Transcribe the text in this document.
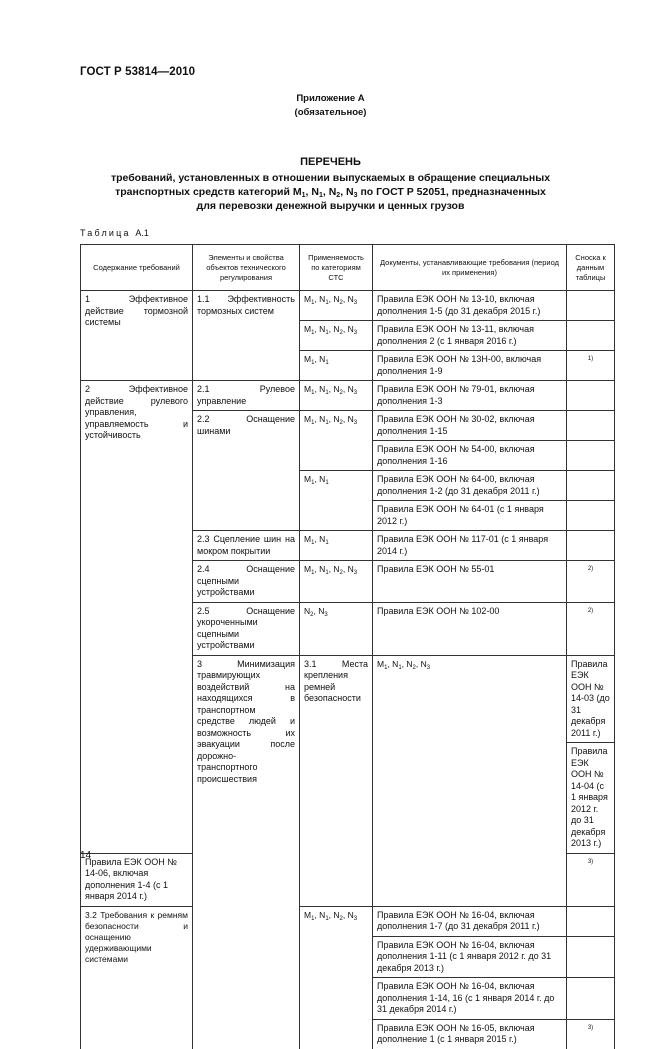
ГОСТ Р 53814—2010
Приложение А
(обязательное)
ПЕРЕЧЕНЬ
требований, установленных в отношении выпускаемых в обращение специальных
транспортных средств категорий $M_1$, $N_1$, $N_2$, $N_3$ по ГОСТ Р 52051, предназначенных
для перевозки денежной выручки и ценных грузов
Таблица А.1
Содержание требований	Элементы и свойства объектов технического регулирования	Применяемость по категориям СТС	Документы, устанавливающие требования (период их применения)	Сноска к данным таблицы	
1 Эффективное действие тормозной системы	1.1 Эффективность тормозных систем	$M_1$, $N_1$, $N_2$, $N_3$	Правила ЕЭК ООН № 13-10, включая дополнения 1-5 (до 31 декабря 2015 г.)		
		$M_1$, $N_1$, $N_2$, $N_3$	Правила ЕЭК ООН № 13-11, включая дополнения 2 (с 1 января 2016 г.)		
		$M_1$, $N_1$	Правила ЕЭК ООН № 13Н-00, включая дополнения 1-9	1)	
2 Эффективное действие рулевого управления, управляемость и устойчивость	2.1 Рулевое управление	$M_1$, $N_1$, $N_2$, $N_3$	Правила ЕЭК ООН № 79-01, включая дополнения 1-3		
	2.2 Оснащение шинами	$M_1$, $N_1$, $N_2$, $N_3$	Правила ЕЭК ООН № 30-02, включая дополнения 1-15		
			Правила ЕЭК ООН № 54-00, включая дополнения 1-16		
		$M_1$, $N_1$	Правила ЕЭК ООН № 64-00, включая дополнения 1-2 (до 31 декабря 2011 г.)		
			Правила ЕЭК ООН № 64-01 (с 1 января 2012 г.)		
	2.3 Сцепление шин на мокром покрытии	$M_1$, $N_1$	Правила ЕЭК ООН № 117-01 (с 1 января 2014 г.)		
	2.4 Оснащение сцепными устройствами	$M_1$, $N_1$, $N_2$, $N_3$	Правила ЕЭК ООН № 55-01	2)	
	2.5 Оснащение укороченными сцепными устройствами	$N_2$, $N_3$	Правила ЕЭК ООН № 102-00	2)	
	3 Минимизация травмирующих воздействий на находящихся в транспортном средстве людей и возможность их эвакуации после дорожно-транспортного происшествия	3.1 Места крепления ремней безопасности	$M_1$, $N_1$, $N_2$, $N_3$	Правила ЕЭК ООН № 14-03 (до 31 декабря 2011 г.)	
				Правила ЕЭК ООН № 14-04 (с 1 января 2012 г. до 31 декабря 2013 г.)	
Правила ЕЭК ООН № 14-06, включая дополнения 1-4 (с 1 января 2014 г.)				3)	
3.2 Требования к ремням безопасности и оснащению удерживающими системами		$M_1$, $N_1$, $N_2$, $N_3$	Правила ЕЭК ООН № 16-04, включая дополнения 1-7 (до 31 декабря 2011 г.)		
			Правила ЕЭК ООН № 16-04, включая дополнения 1-11 (с 1 января 2012 г. до 31 декабря 2013 г.)		
			Правила ЕЭК ООН № 16-04, включая дополнения 1-14, 16 (с 1 января 2014 г. до 31 декабря 2014 г.)		
			Правила ЕЭК ООН № 16-05, включая дополнение 1 (с 1 января 2015 г.)	3)	
14
